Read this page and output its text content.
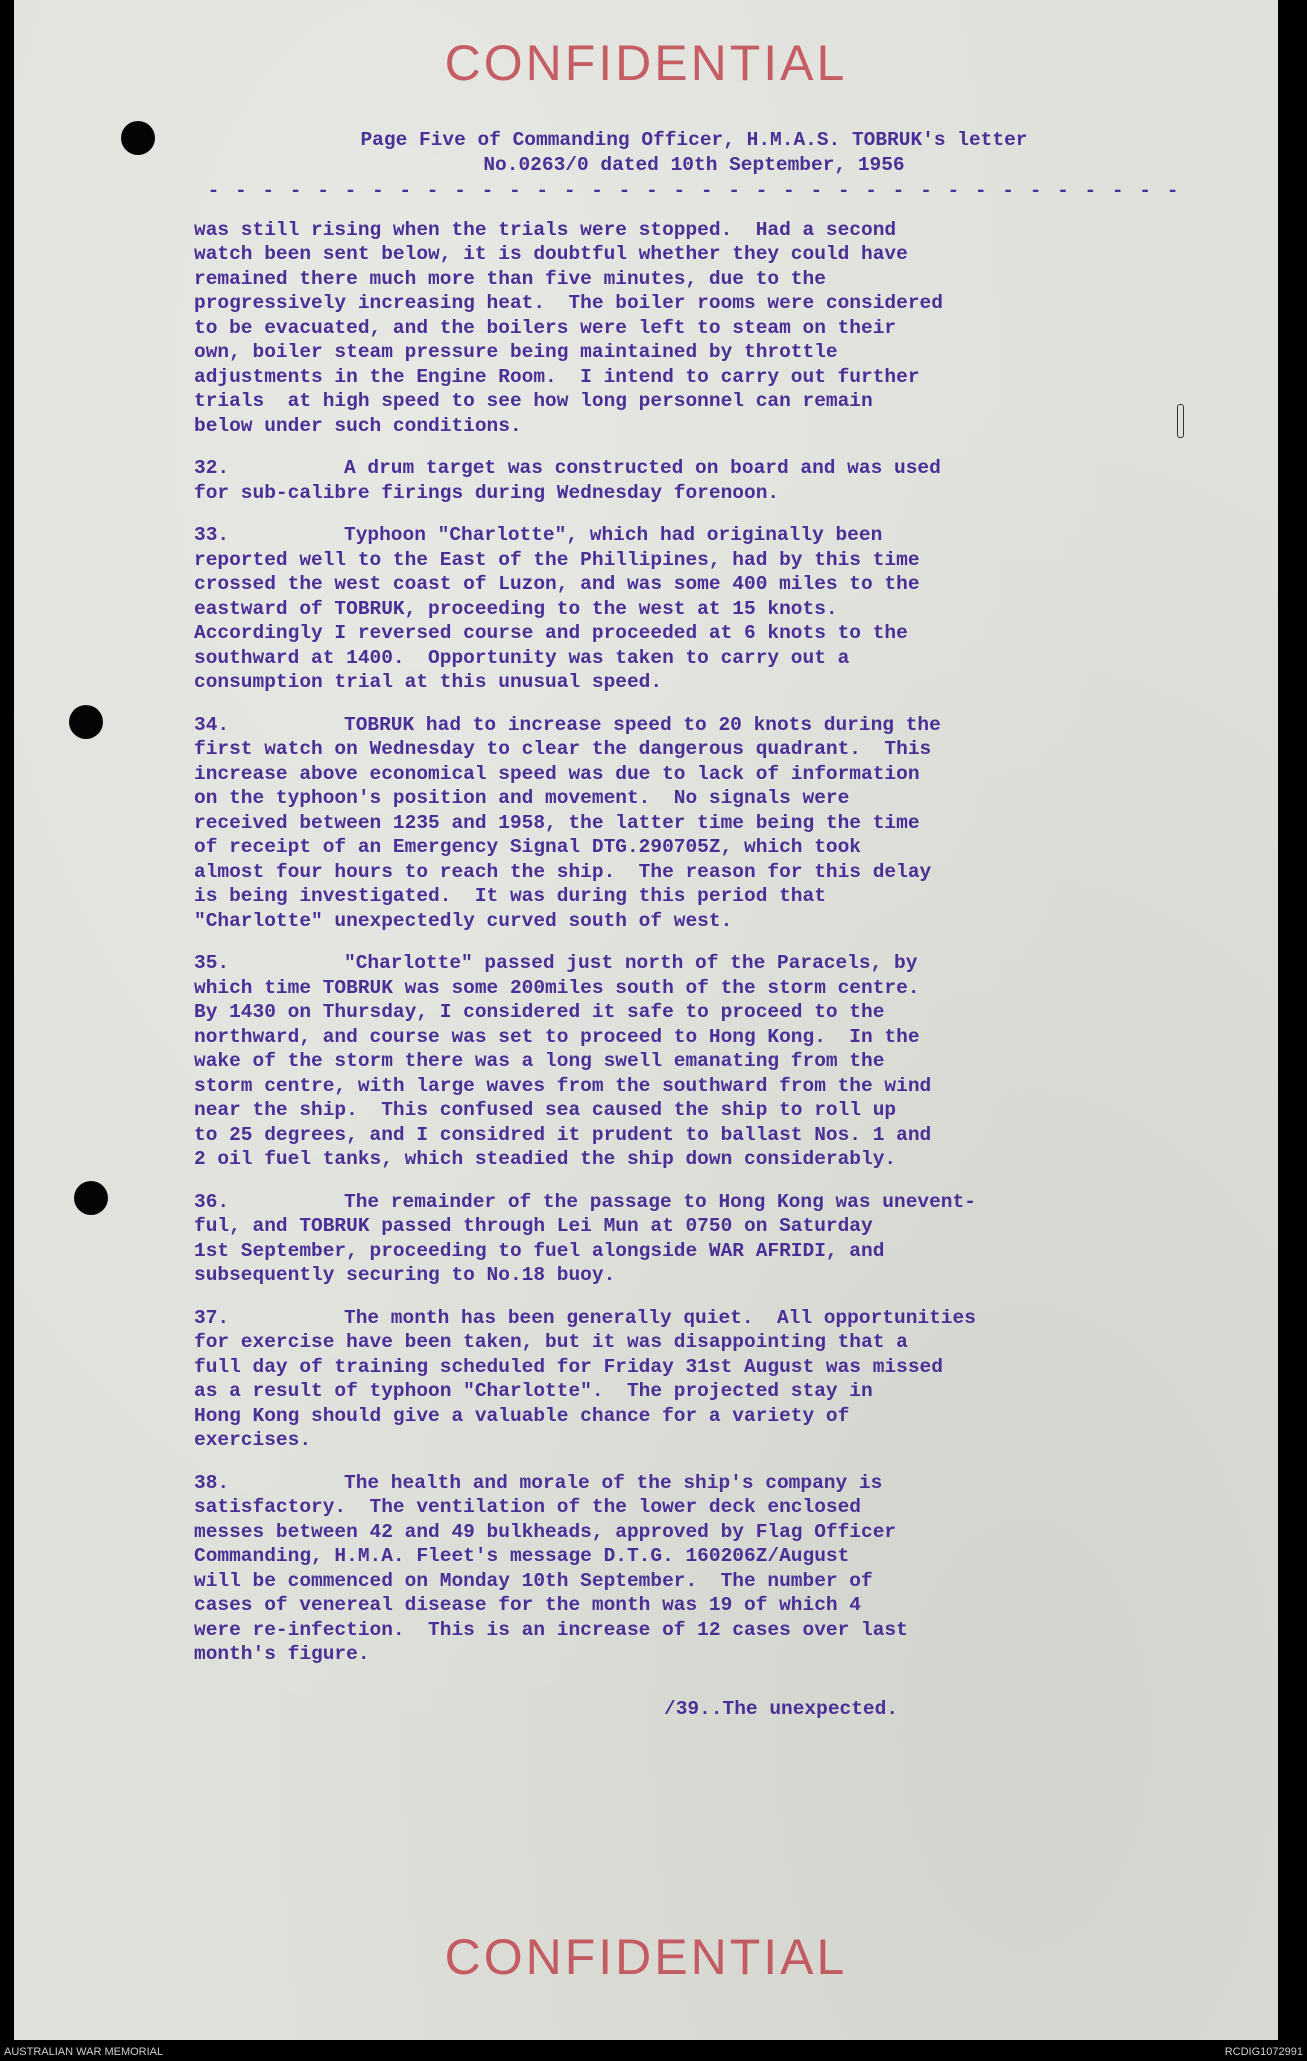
CONFIDENTIAL
Page Five of Commanding Officer, H.M.A.S. TOBRUK's letter
No.0263/0 dated 10th September, 1956
- - - - - - - - - - - - - - - - - - - - - - - - - - - - - - - - - - - -
was still rising when the trials were stopped.  Had a second
watch been sent below, it is doubtful whether they could have
remained there much more than five minutes, due to the
progressively increasing heat.  The boiler rooms were considered
to be evacuated, and the boilers were left to steam on their
own, boiler steam pressure being maintained by throttle
adjustments in the Engine Room.  I intend to carry out further
trials  at high speed to see how long personnel can remain
below under such conditions.
32.	A drum target was constructed on board and was used
for sub-calibre firings during Wednesday forenoon.
33.	Typhoon "Charlotte", which had originally been
reported well to the East of the Phillipines, had by this time
crossed the west coast of Luzon, and was some 400 miles to the
eastward of TOBRUK, proceeding to the west at 15 knots.
Accordingly I reversed course and proceeded at 6 knots to the
southward at 1400.  Opportunity was taken to carry out a
consumption trial at this unusual speed.
34.	TOBRUK had to increase speed to 20 knots during the
first watch on Wednesday to clear the dangerous quadrant.  This
increase above economical speed was due to lack of information
on the typhoon's position and movement.  No signals were
received between 1235 and 1958, the latter time being the time
of receipt of an Emergency Signal DTG.290705Z, which took
almost four hours to reach the ship.  The reason for this delay
is being investigated.  It was during this period that
"Charlotte" unexpectedly curved south of west.
35.	"Charlotte" passed just north of the Paracels, by
which time TOBRUK was some 200miles south of the storm centre.
By 1430 on Thursday, I considered it safe to proceed to the
northward, and course was set to proceed to Hong Kong.  In the
wake of the storm there was a long swell emanating from the
storm centre, with large waves from the southward from the wind
near the ship.  This confused sea caused the ship to roll up
to 25 degrees, and I considred it prudent to ballast Nos. 1 and
2 oil fuel tanks, which steadied the ship down considerably.
36.	The remainder of the passage to Hong Kong was unevent-
ful, and TOBRUK passed through Lei Mun at 0750 on Saturday
1st September, proceeding to fuel alongside WAR AFRIDI, and
subsequently securing to No.18 buoy.
37.	The month has been generally quiet.  All opportunities
for exercise have been taken, but it was disappointing that a
full day of training scheduled for Friday 31st August was missed
as a result of typhoon "Charlotte".  The projected stay in
Hong Kong should give a valuable chance for a variety of
exercises.
38.	The health and morale of the ship's company is
satisfactory.  The ventilation of the lower deck enclosed
messes between 42 and 49 bulkheads, approved by Flag Officer
Commanding, H.M.A. Fleet's message D.T.G. 160206Z/August
will be commenced on Monday 10th September.  The number of
cases of venereal disease for the month was 19 of which 4
were re-infection.  This is an increase of 12 cases over last
month's figure.
/39..The unexpected.
CONFIDENTIAL
AUSTRALIAN WAR MEMORIAL	RCDIG1072991
